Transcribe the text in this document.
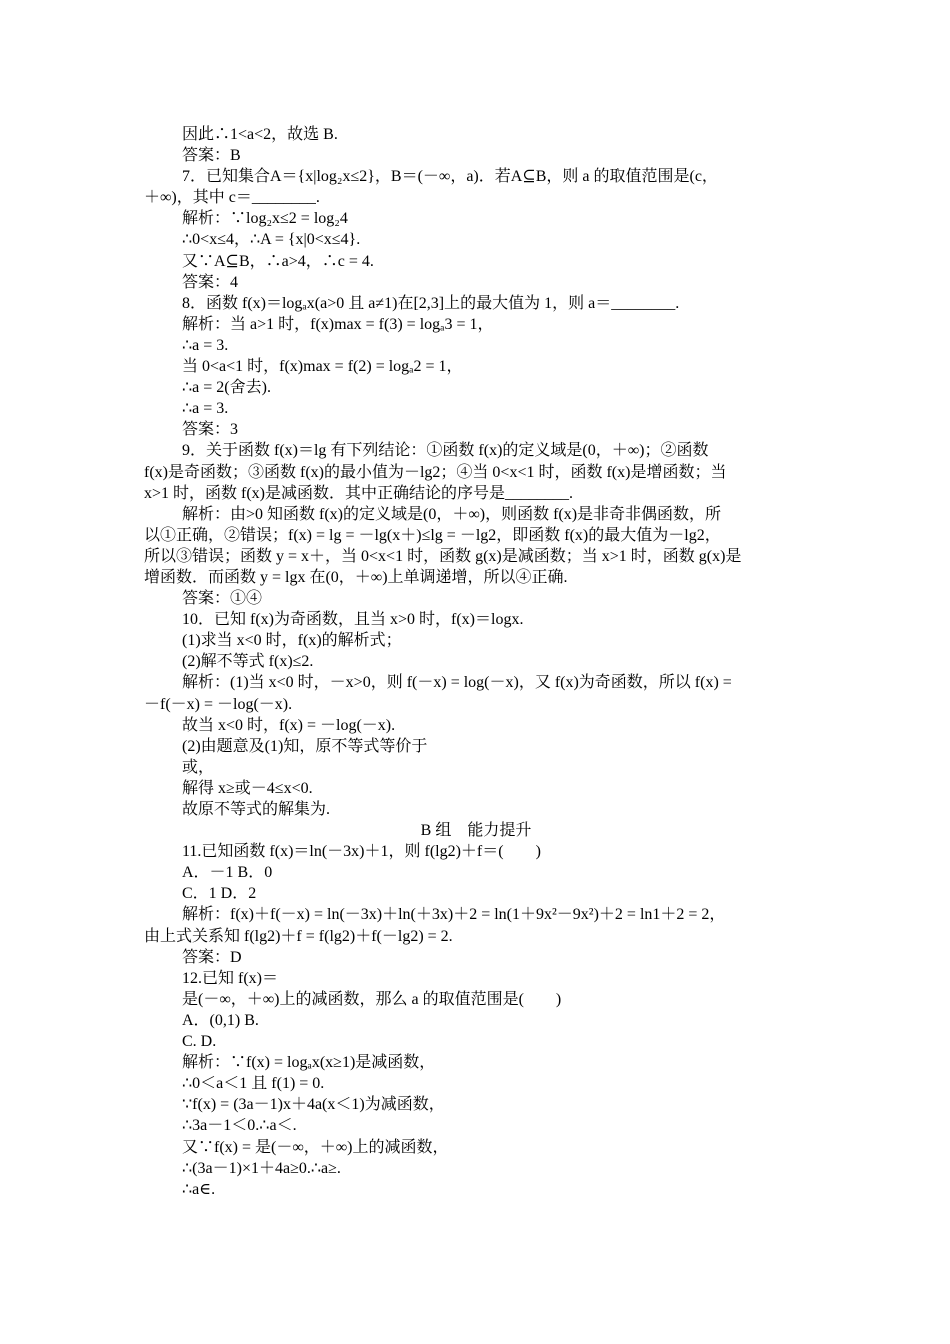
因此∴1<a<2，故选 B.
答案：B
7．已知集合A＝{x|log₂x≤2}，B＝(－∞，a)．若A⊆B，则 a 的取值范围是(c，
＋∞)，其中 c＝________.
解析：∵log₂x≤2 = log₂4
∴0<x≤4，∴A = {x|0<x≤4}.
又∵A⊆B，∴a>4，∴c = 4.
答案：4
8．函数 f(x)＝logₐx(a>0 且 a≠1)在[2,3]上的最大值为 1，则 a＝________.
解析：当 a>1 时，f(x)max = f(3) = logₐ3 = 1，
∴a = 3.
当 0<a<1 时，f(x)max = f(2) = logₐ2 = 1，
∴a = 2(舍去).
∴a = 3.
答案：3
9．关于函数 f(x)＝lg 有下列结论：①函数 f(x)的定义域是(0，＋∞)；②函数
f(x)是奇函数；③函数 f(x)的最小值为－lg2；④当 0<x<1 时，函数 f(x)是增函数；当
x>1 时，函数 f(x)是减函数．其中正确结论的序号是________.
解析：由>0 知函数 f(x)的定义域是(0，＋∞)，则函数 f(x)是非奇非偶函数，所
以①正确，②错误；f(x) = lg = －lg(x＋)≤lg = －lg2，即函数 f(x)的最大值为－lg2，
所以③错误；函数 y = x＋，当 0<x<1 时，函数 g(x)是减函数；当 x>1 时，函数 g(x)是
增函数．而函数 y = lgx 在(0，＋∞)上单调递增，所以④正确.
答案：①④
10．已知 f(x)为奇函数，且当 x>0 时，f(x)＝logx.
(1)求当 x<0 时，f(x)的解析式；
(2)解不等式 f(x)≤2.
解析：(1)当 x<0 时，－x>0，则 f(－x) = log(－x)，又 f(x)为奇函数，所以 f(x) =
－f(－x) = －log(－x).
故当 x<0 时，f(x) = －log(－x).
(2)由题意及(1)知，原不等式等价于
或，
解得 x≥或－4≤x<0.
故原不等式的解集为.
B 组　能力提升
11.已知函数 f(x)＝ln(－3x)＋1，则 f(lg2)＋f＝(　　)
A．－1 B．0
C．1 D．2
解析：f(x)＋f(－x) = ln(－3x)＋ln(＋3x)＋2 = ln(1＋9x²－9x²)＋2 = ln1＋2 = 2，
由上式关系知 f(lg2)＋f = f(lg2)＋f(－lg2) = 2.
答案：D
12.已知 f(x)＝
是(－∞，＋∞)上的减函数，那么 a 的取值范围是(　　)
A．(0,1) B.
C. D.
解析：∵f(x) = logₐx(x≥1)是减函数，
∴0＜a＜1 且 f(1) = 0.
∵f(x) = (3a－1)x＋4a(x＜1)为减函数，
∴3a－1＜0.∴a＜.
又∵f(x) = 是(－∞，＋∞)上的减函数，
∴(3a－1)×1＋4a≥0.∴a≥.
∴a∈.
